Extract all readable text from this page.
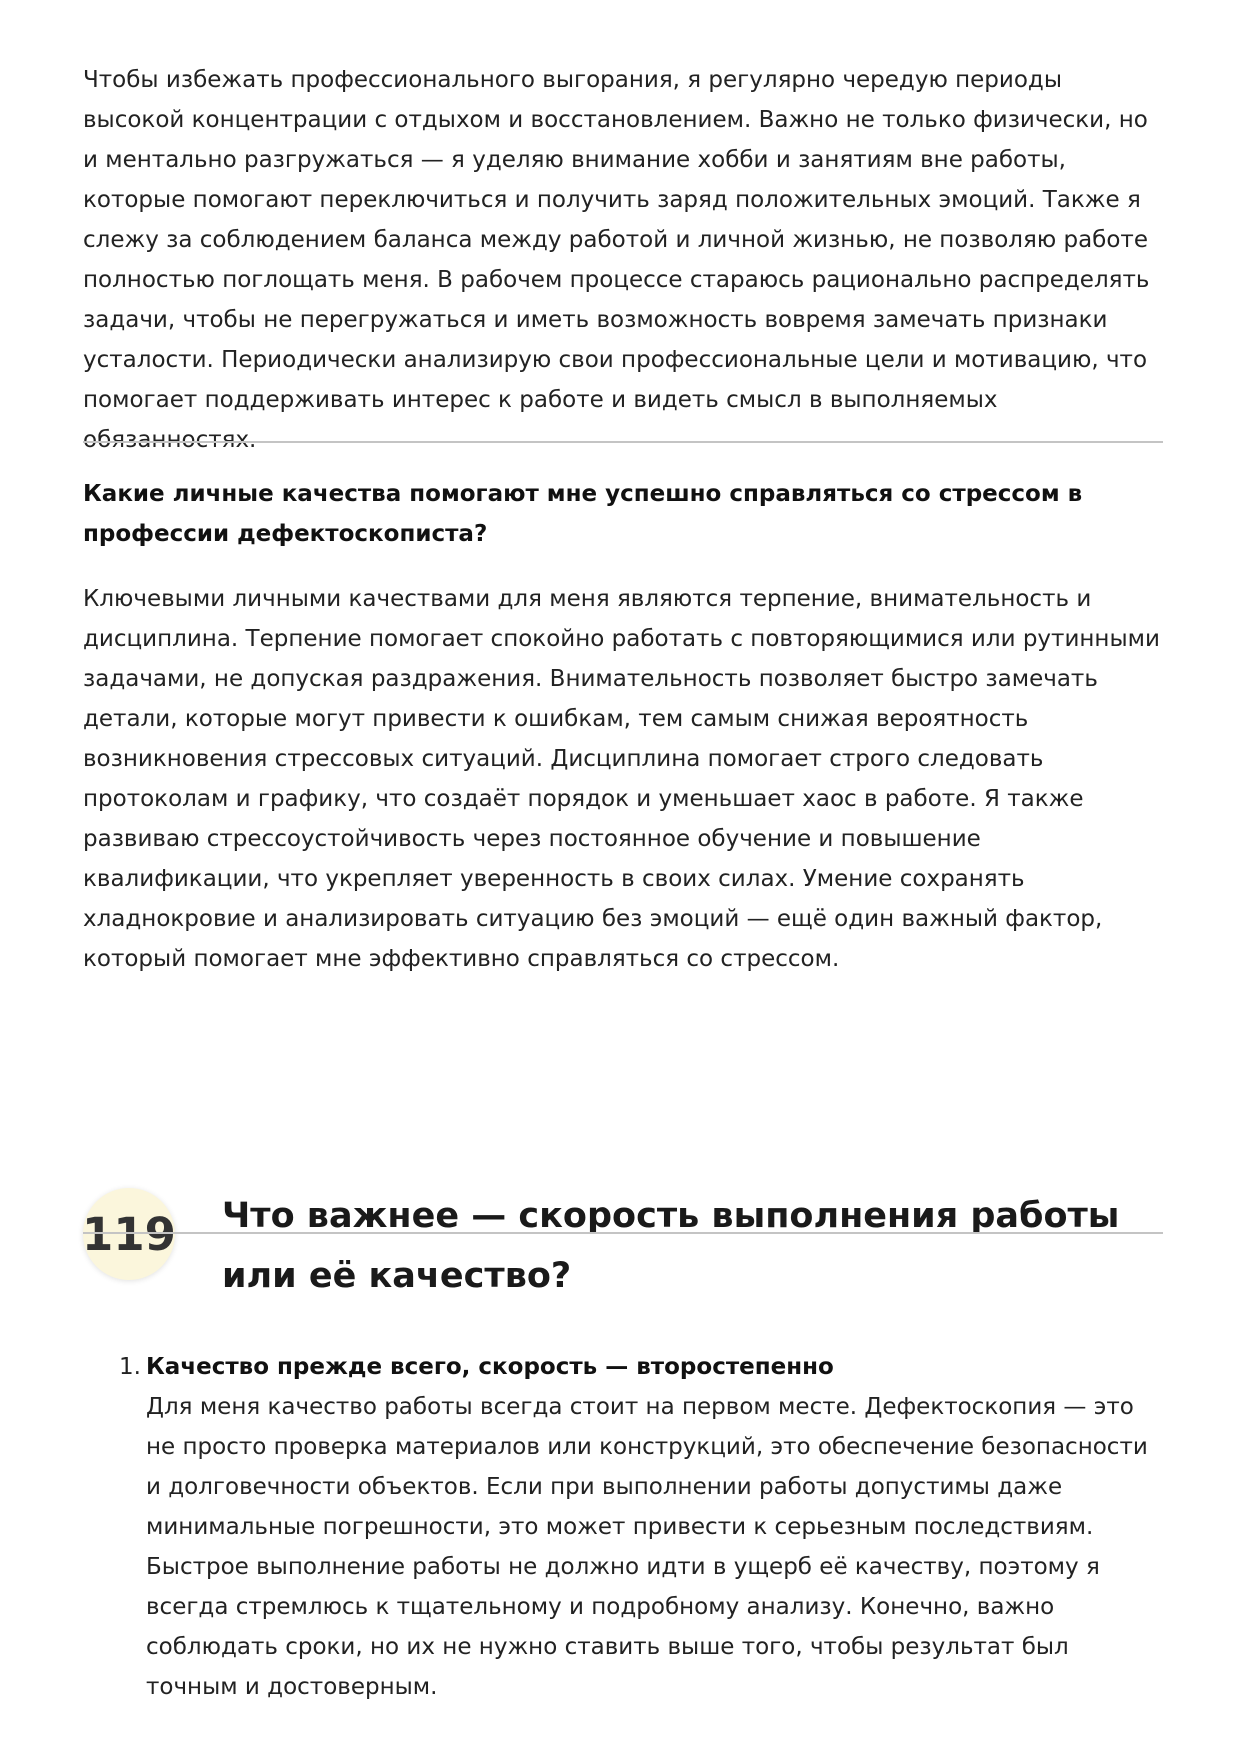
Чтобы избежать профессионального выгорания, я регулярно чередую периоды высокой концентрации с отдыхом и восстановлением. Важно не только физически, но и ментально разгружаться — я уделяю внимание хобби и занятиям вне работы, которые помогают переключиться и получить заряд положительных эмоций. Также я слежу за соблюдением баланса между работой и личной жизнью, не позволяю работе полностью поглощать меня. В рабочем процессе стараюсь рационально распределять задачи, чтобы не перегружаться и иметь возможность вовремя замечать признаки усталости. Периодически анализирую свои профессиональные цели и мотивацию, что помогает поддерживать интерес к работе и видеть смысл в выполняемых обязанностях.

Какие личные качества помогают мне успешно справляться со стрессом в профессии дефектоскописта?

Ключевыми личными качествами для меня являются терпение, внимательность и дисциплина. Терпение помогает спокойно работать с повторяющимися или рутинными задачами, не допуская раздражения. Внимательность позволяет быстро замечать детали, которые могут привести к ошибкам, тем самым снижая вероятность возникновения стрессовых ситуаций. Дисциплина помогает строго следовать протоколам и графику, что создаёт порядок и уменьшает хаос в работе. Я также развиваю стрессоустойчивость через постоянное обучение и повышение квалификации, что укрепляет уверенность в своих силах. Умение сохранять хладнокровие и анализировать ситуацию без эмоций — ещё один важный фактор, который помогает мне эффективно справляться со стрессом.

119 Что важнее — скорость выполнения работы или её качество?
1. Качество прежде всего, скорость — второстепенно
Для меня качество работы всегда стоит на первом месте. Дефектоскопия — это не просто проверка материалов или конструкций, это обеспечение безопасности и долговечности объектов. Если при выполнении работы допустимы даже минимальные погрешности, это может привести к серьезным последствиям. Быстрое выполнение работы не должно идти в ущерб её качеству, поэтому я всегда стремлюсь к тщательному и подробному анализу. Конечно, важно соблюдать сроки, но их не нужно ставить выше того, чтобы результат был точным и достоверным.
